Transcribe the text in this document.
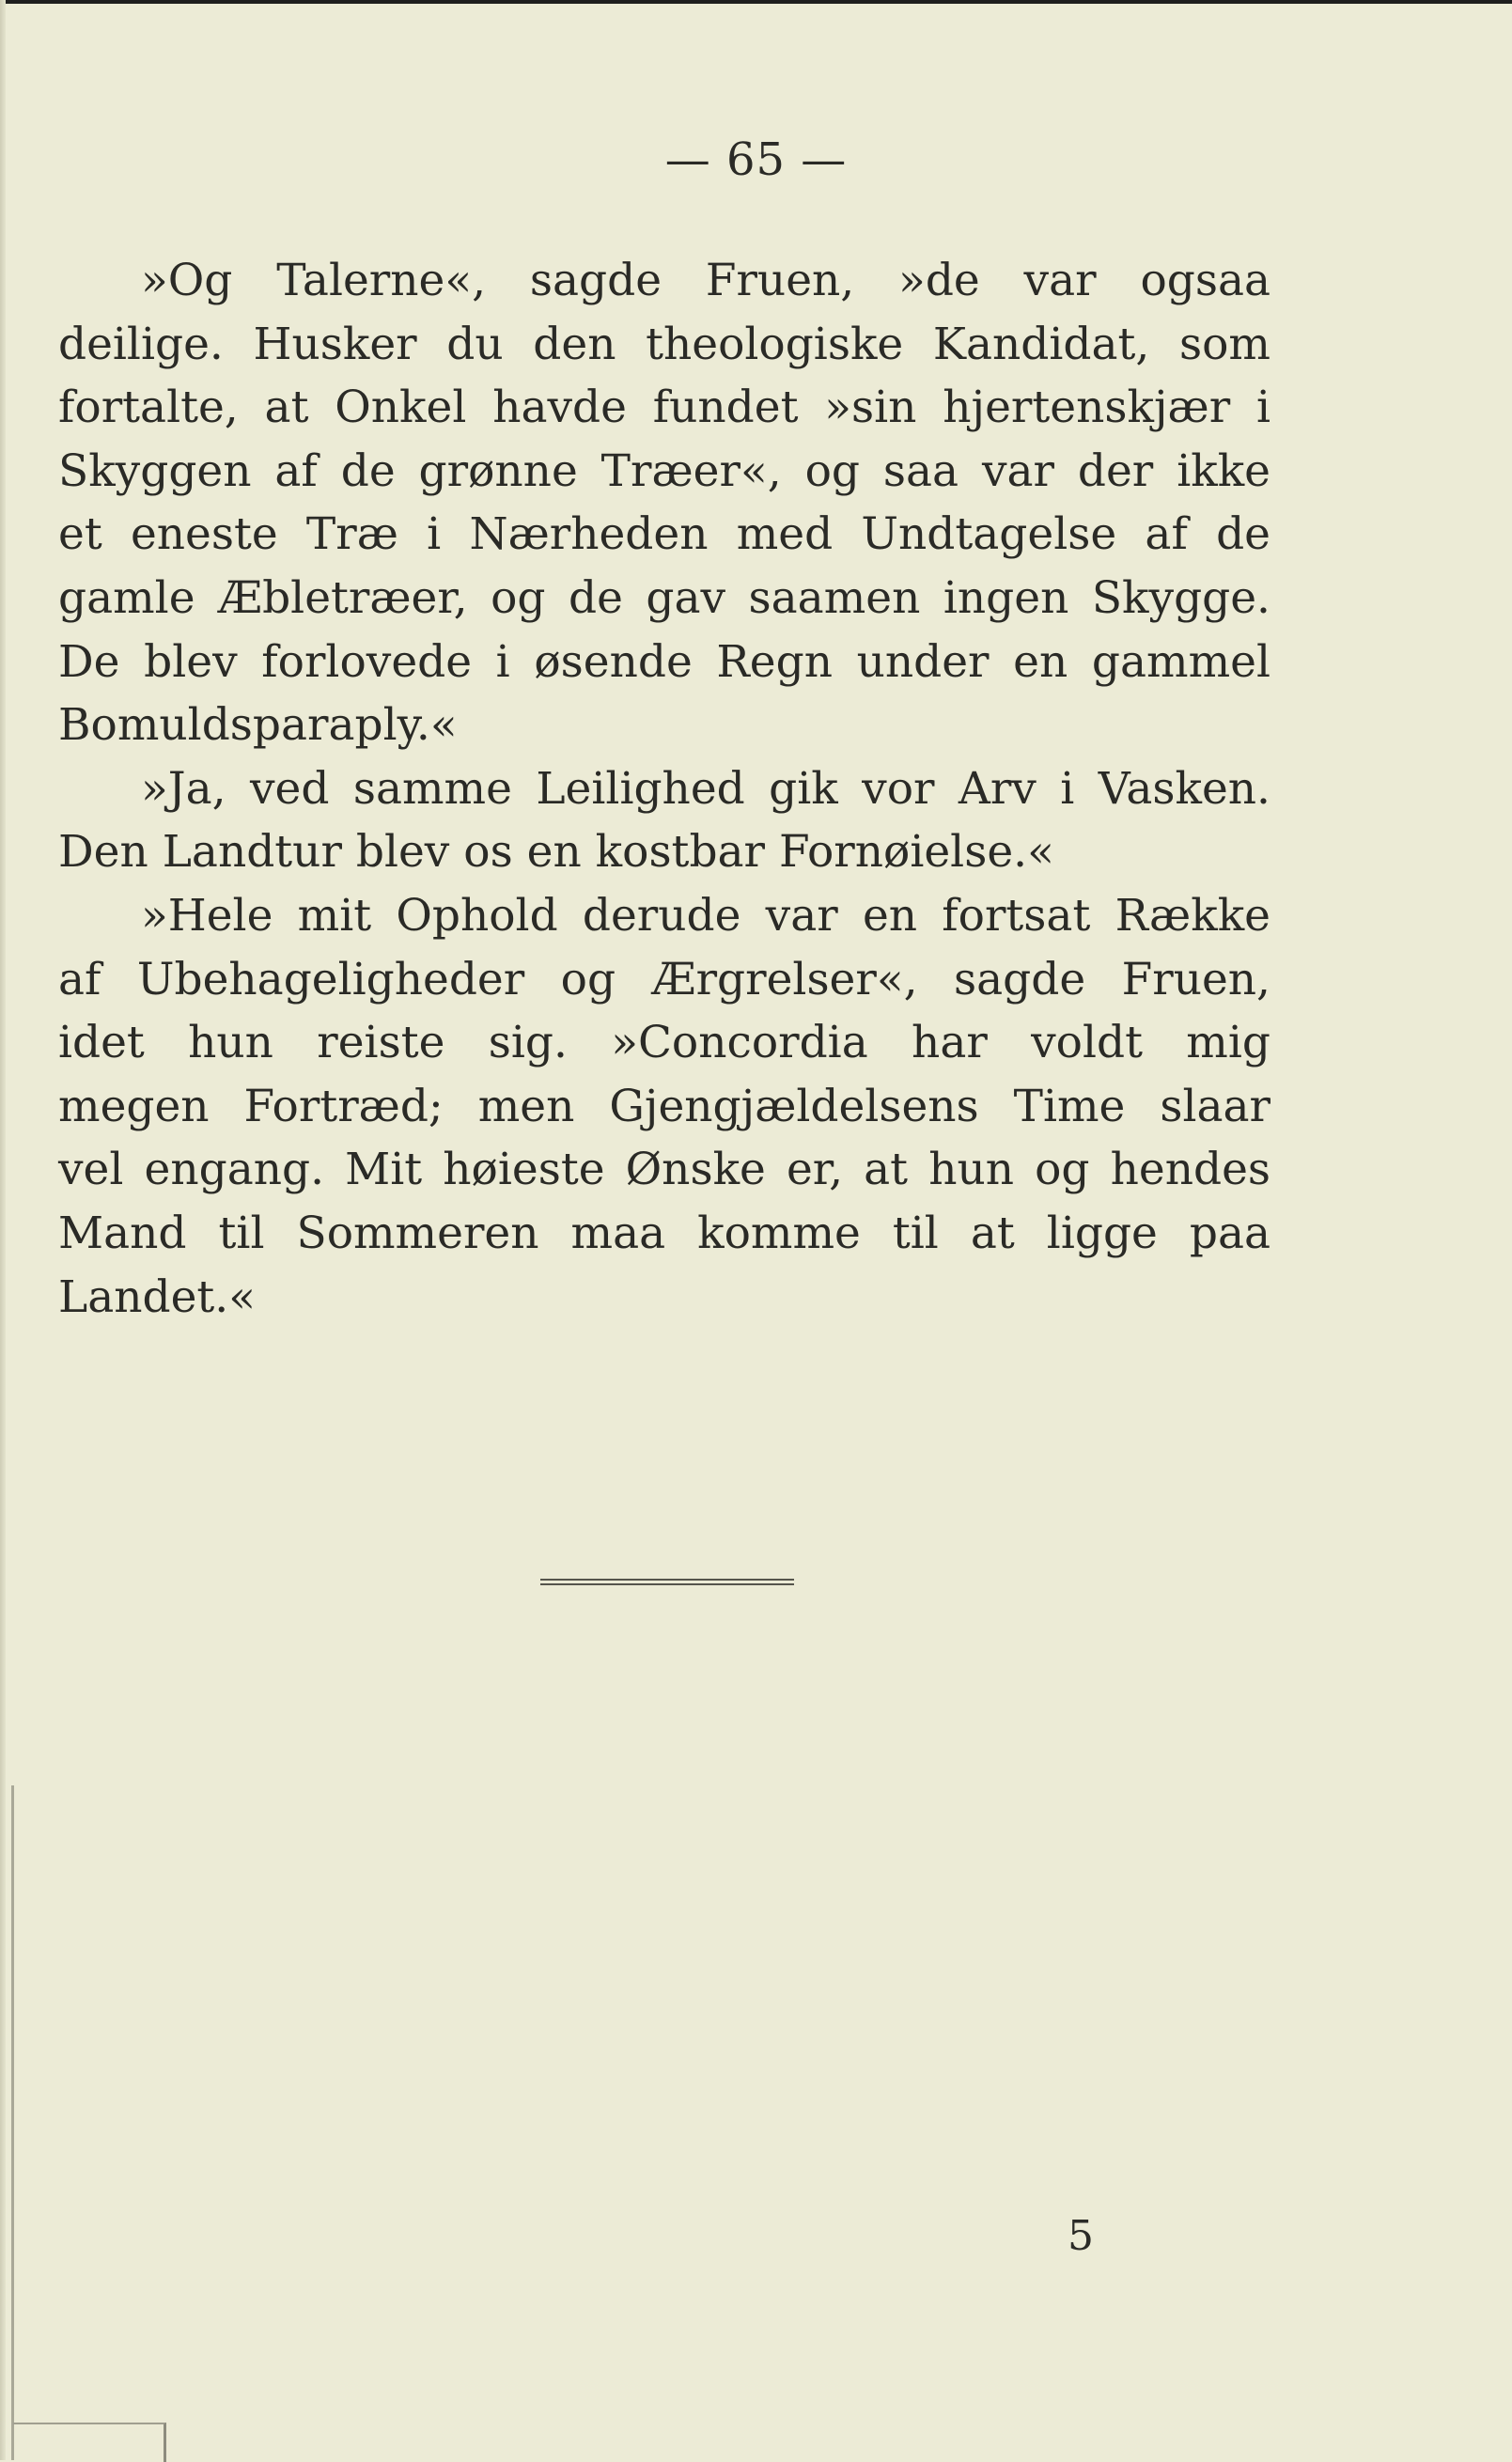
— 65 —
»Og Talerne«, sagde Fruen, »de var ogsaa
deilige. Husker du den theologiske Kandidat, som
fortalte, at Onkel havde fundet »sin hjertenskjær i
Skyggen af de grønne Træer«, og saa var der ikke
et eneste Træ i Nærheden med Undtagelse af de
gamle Æbletræer, og de gav saamen ingen Skygge.
De blev forlovede i øsende Regn under en gammel
Bomuldsparaply.«
»Ja, ved samme Leilighed gik vor Arv i Vasken.
Den Landtur blev os en kostbar Fornøielse.«
»Hele mit Ophold derude var en fortsat Række
af Ubehageligheder og Ærgrelser«, sagde Fruen,
idet hun reiste sig. »Concordia har voldt mig
megen Fortræd; men Gjengjældelsens Time slaar
vel engang. Mit høieste Ønske er, at hun og hendes
Mand til Sommeren maa komme til at ligge paa
Landet.«
5
